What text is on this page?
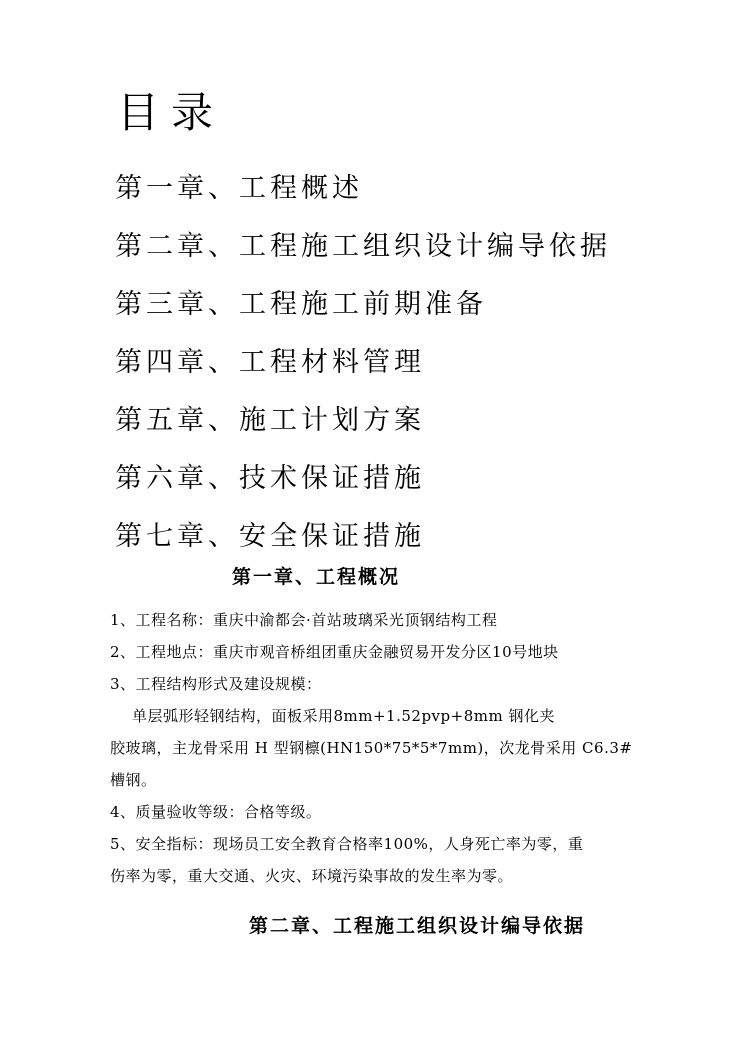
目录
第一章、工程概述
第二章、工程施工组织设计编导依据
第三章、工程施工前期准备
第四章、工程材料管理
第五章、施工计划方案
第六章、技术保证措施
第七章、安全保证措施
第一章、工程概况
1、工程名称：重庆中渝都会·首站玻璃采光顶钢结构工程
2、工程地点：重庆市观音桥组团重庆金融贸易开发分区10号地块
3、工程结构形式及建设规模：
单层弧形轻钢结构，面板采用8mm+1.52pvp+8mm 钢化夹
胶玻璃，主龙骨采用 H 型钢檩(HN150*75*5*7mm)，次龙骨采用 C6.3#
槽钢。
4、质量验收等级：合格等级。
5、安全指标：现场员工安全教育合格率100%，人身死亡率为零，重
伤率为零，重大交通、火灾、环境污染事故的发生率为零。
第二章、工程施工组织设计编导依据
